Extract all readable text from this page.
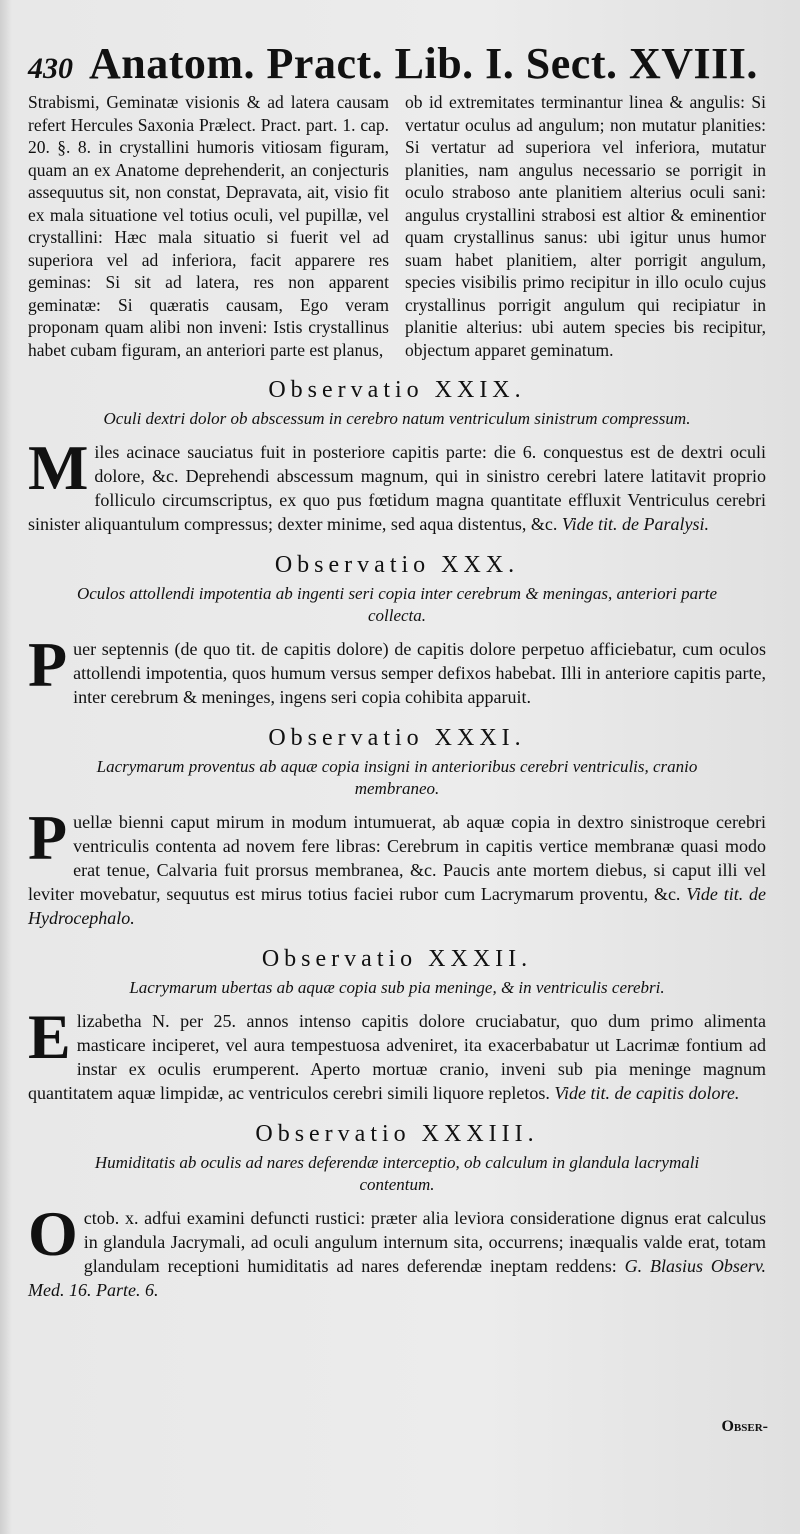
430 Anatom. Pract. Lib. I. Sect. XVIII.

Strabismi, Geminatæ visionis & ad latera causam refert Hercules Saxonia Prælect. Pract. part. 1. cap. 20. §. 8. in crystallini humoris vitiosam figuram, quam an ex Anatome deprehenderit, an conjecturis assequutus sit, non constat, Depravata, ait, visio fit ex mala situatione vel totius oculi, vel pupillæ, vel crystallini: Hæc mala situatio si fuerit vel ad superiora vel ad inferiora, facit apparere res geminas: Si sit ad latera, res non apparent geminatæ: Si quæratis causam, Ego veram proponam quam alibi non inveni: Istis crystallinus habet cubam figuram, an anteriori parte est planus,

ob id extremitates terminantur linea & angulis: Si vertatur oculus ad angulum; non mutatur planities: Si vertatur ad superiora vel inferiora, mutatur planities, nam angulus necessario se porrigit in oculo straboso ante planitiem alterius oculi sani: angulus crystallini strabosi est altior & eminentior quam crystallinus sanus: ubi igitur unus humor suam habet planitiem, alter porrigit angulum, species visibilis primo recipitur in illo oculo cujus crystallinus porrigit angulum qui recipiatur in planitie alterius: ubi autem species bis recipitur, objectum apparet geminatum.

Observatio XXIX.
Oculi dextri dolor ob abscessum in cerebro natum ventriculum sinistrum compressum.
M iles acinace sauciatus fuit in posteriore capitis parte: die 6. conquestus est de dextri oculi dolore, &c. Deprehendi abscessum magnum, qui in sinistro cerebri latere latitavit proprio folliculo circumscriptus, ex quo pus fœtidum magna quantitate effluxit Ventriculus cerebri sinister aliquantulum compressus; dexter minime, sed aqua distentus, &c. Vide tit. de Paralysi.
Observatio XXX.
Oculos attollendi impotentia ab ingenti seri copia inter cerebrum & meningas, anteriori parte collecta.
P uer septennis (de quo tit. de capitis dolore) de capitis dolore perpetuo afficiebatur, cum oculos attollendi impotentia, quos humum versus semper defixos habebat. Illi in anteriore capitis parte, inter cerebrum & meninges, ingens seri copia cohibita apparuit.
Observatio XXXI.
Lacrymarum proventus ab aquæ copia insigni in anterioribus cerebri ventriculis, cranio membraneo.
P uellæ bienni caput mirum in modum intumuerat, ab aquæ copia in dextro sinistroque cerebri ventriculis contenta ad novem fere libras: Cerebrum in capitis vertice membranæ quasi modo erat tenue, Calvaria fuit prorsus membranea, &c. Paucis ante mortem diebus, si caput illi vel leviter movebatur, sequutus est mirus totius faciei rubor cum Lacrymarum proventu, &c. Vide tit. de Hydrocephalo.
Observatio XXXII.
Lacrymarum ubertas ab aquæ copia sub pia meninge, & in ventriculis cerebri.
E lizabetha N. per 25. annos intenso capitis dolore cruciabatur, quo dum primo alimenta masticare inciperet, vel aura tempestuosa adveniret, ita exacerbabatur ut Lacrimæ fontium ad instar ex oculis erumperent. Aperto mortuæ cranio, inveni sub pia meninge magnum quantitatem aquæ limpidæ, ac ventriculos cerebri simili liquore repletos. Vide tit. de capitis dolore.
Observatio XXXIII.
Humiditatis ab oculis ad nares deferendæ interceptio, ob calculum in glandula lacrymali contentum.
O ctob. x. adfui examini defuncti rustici: præter alia leviora consideratione dignus erat calculus in glandula Jacrymali, ad oculi angulum internum sita, occurrens; inæqualis valde erat, totam glandulam receptioni humiditatis ad nares deferendæ ineptam reddens: G. Blasius Observ. Med. 16. Parte. 6.
Obser-
